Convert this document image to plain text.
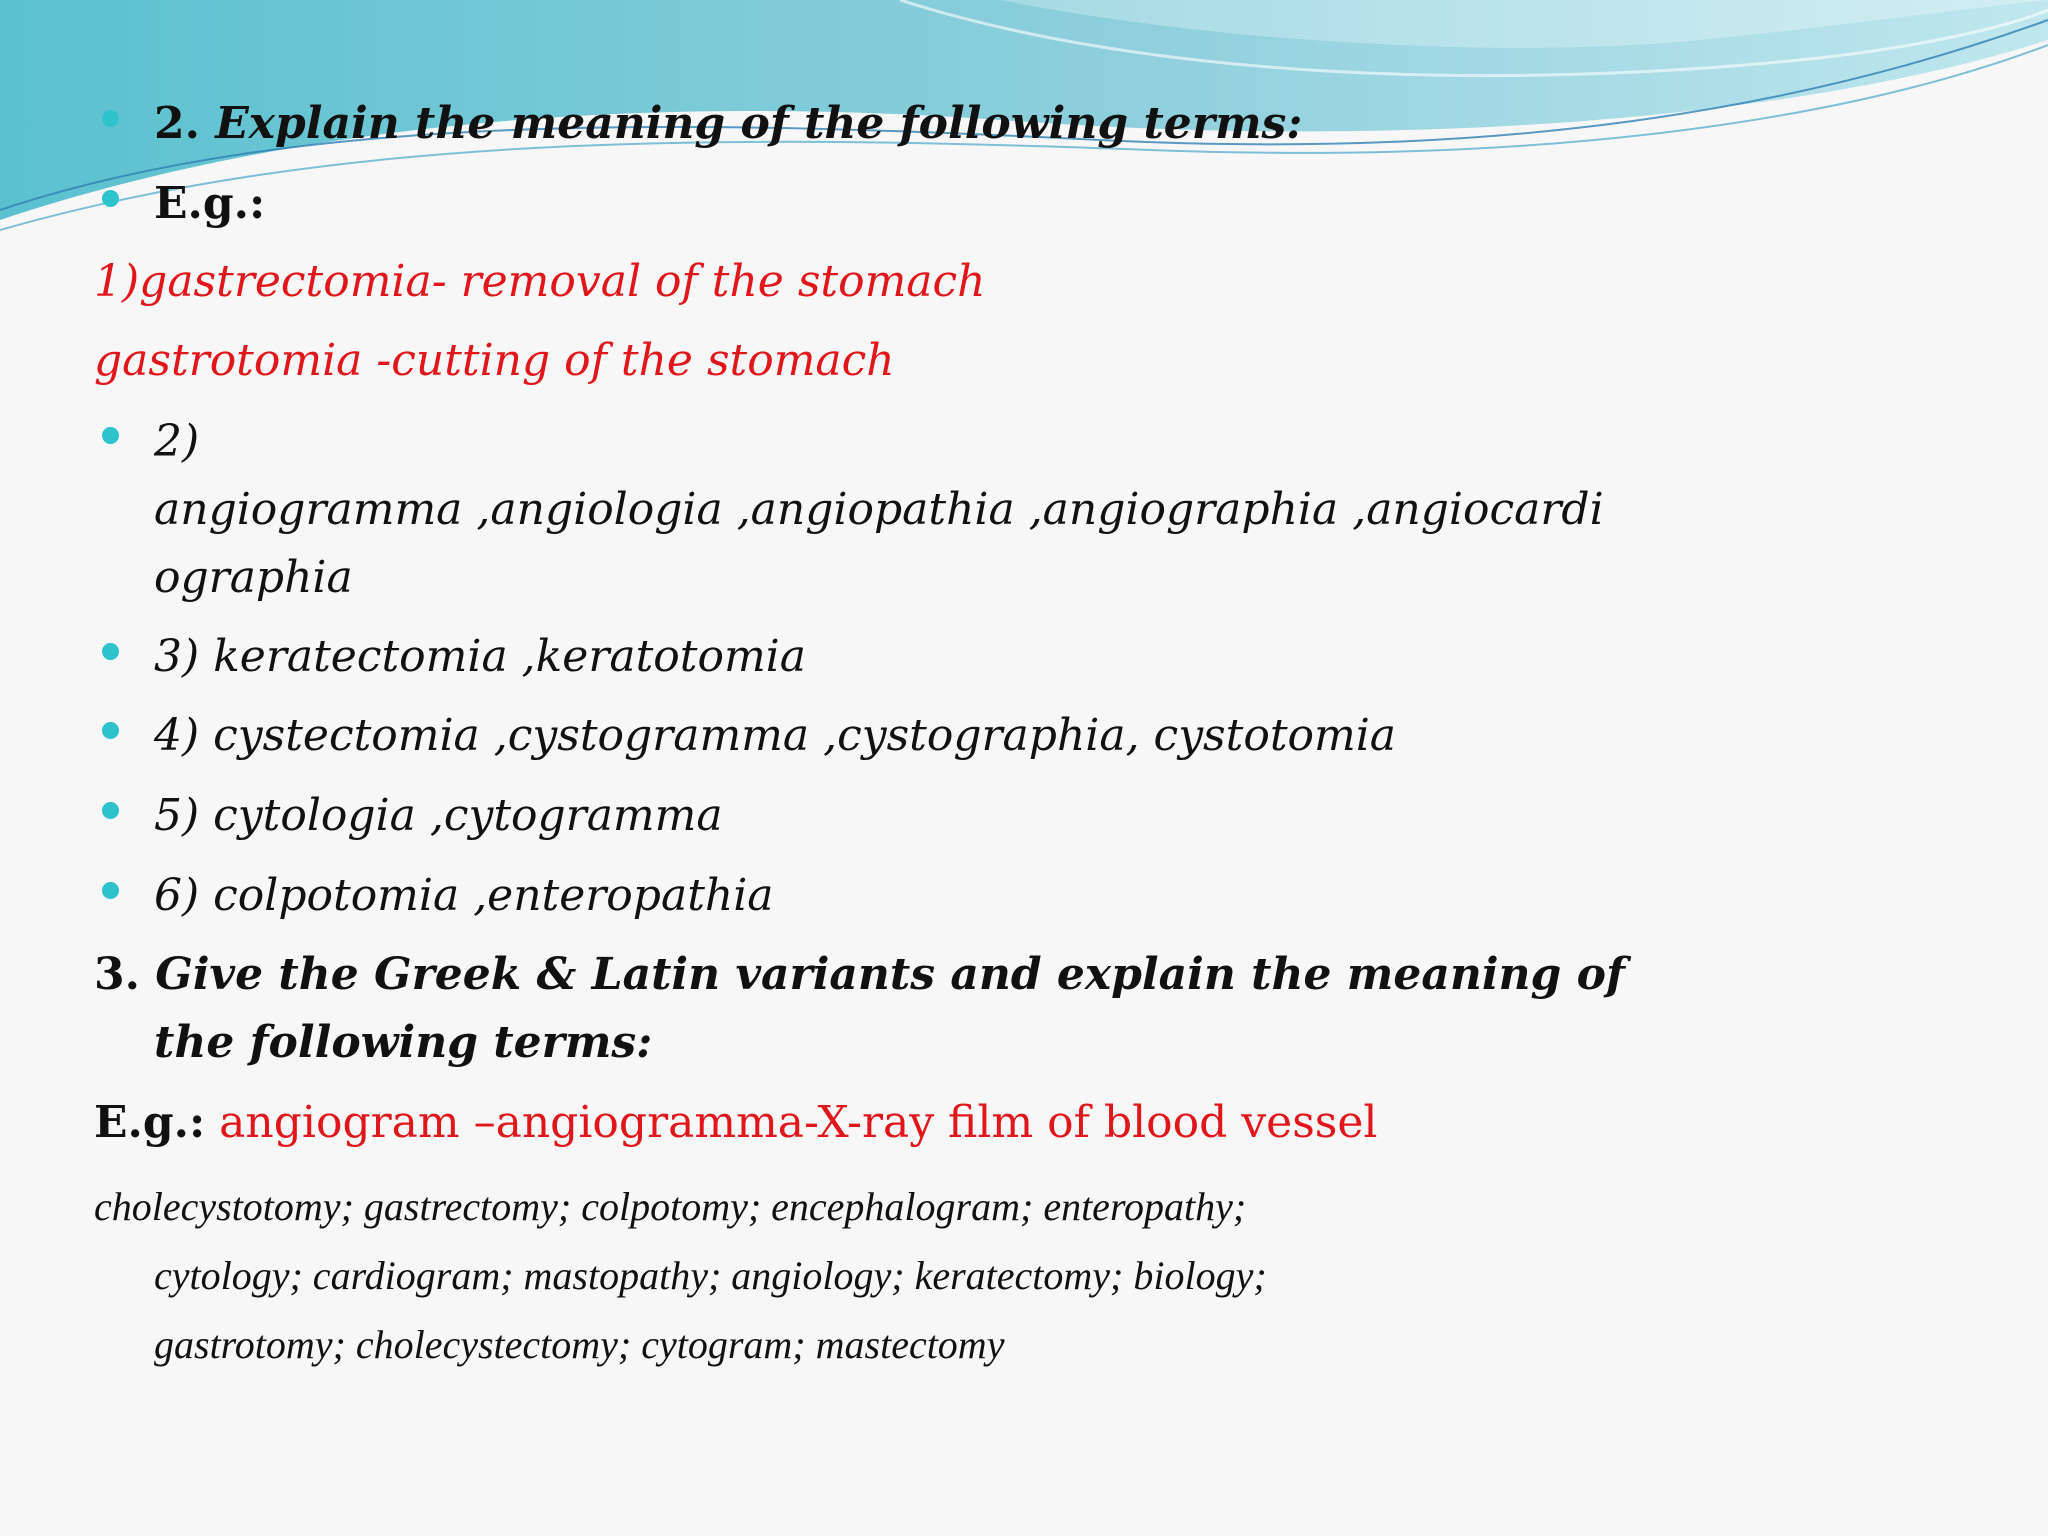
2. Explain the meaning of the following terms:
E.g.:
1)gastrectomia- removal of the stomach
gastrotomia -cutting of the stomach
2)
angiogramma ,angiologia ,angiopathia ,angiographia ,angiocardi
ographia
3) keratectomia ,keratotomia
4) cystectomia ,cystogramma ,cystographia, cystotomia
5) cytologia ,cytogramma
6) colpotomia ,enteropathia
3. Give the Greek & Latin variants and explain the meaning of
the following terms:
E.g.: angiogram –angiogramma-X-ray film of blood vessel
cholecystotomy; gastrectomy; colpotomy; encephalogram; enteropathy;
cytology; cardiogram; mastopathy; angiology; keratectomy; biology;
gastrotomy; cholecystectomy; cytogram; mastectomy
